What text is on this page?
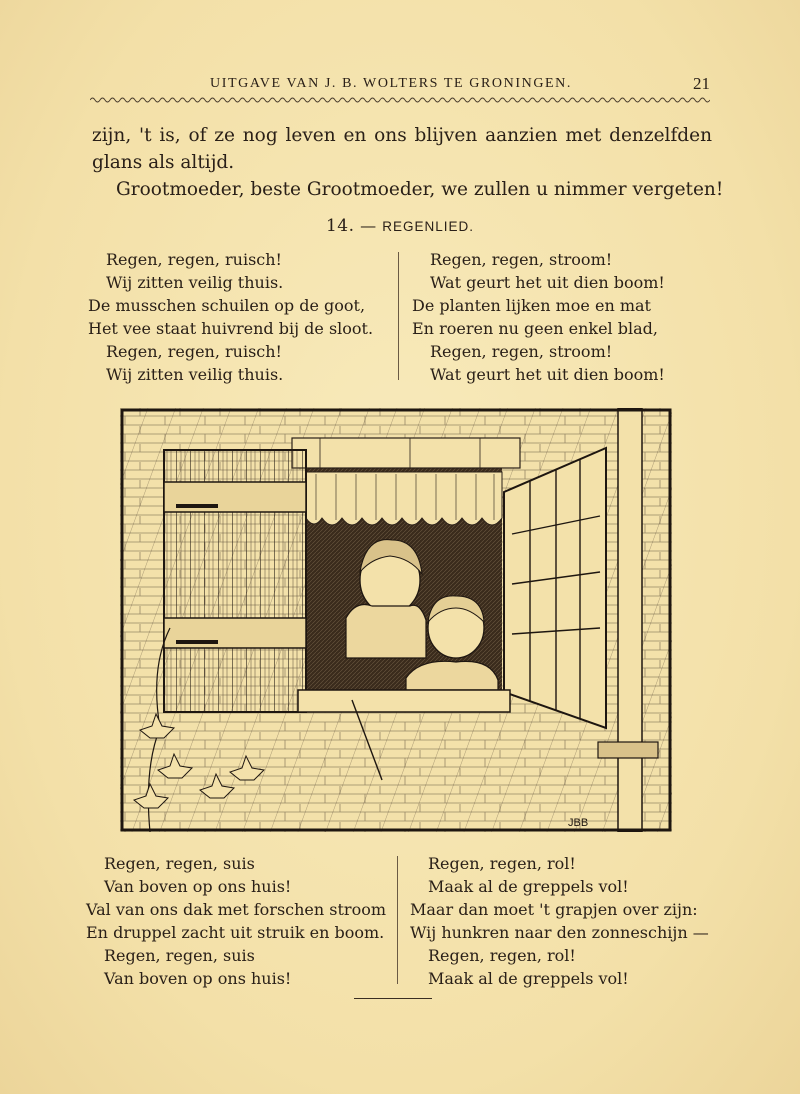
UITGAVE VAN J. B. WOLTERS TE GRONINGEN.	21

zijn, 't is, of ze nog leven en ons blijven aanzien met denzelfden glans als altijd.

Grootmoeder, beste Grootmoeder, we zullen u nimmer vergeten!

14. — REGENLIED.
Regen, regen, ruisch!
Wij zitten veilig thuis.
De musschen schuilen op de goot,
Het vee staat huivrend bij de sloot.
Regen, regen, ruisch!
Wij zitten veilig thuis.
Regen, regen, stroom!
Wat geurt het uit dien boom!
De planten lijken moe en mat
En roeren nu geen enkel blad,
Regen, regen, stroom!
Wat geurt het uit dien boom!
JBB
Regen, regen, suis
Van boven op ons huis!
Val van ons dak met forschen stroom
En druppel zacht uit struik en boom.
Regen, regen, suis
Van boven op ons huis!
Regen, regen, rol!
Maak al de greppels vol!
Maar dan moet 't grapjen over zijn:
Wij hunkren naar den zonneschijn —
Regen, regen, rol!
Maak al de greppels vol!
